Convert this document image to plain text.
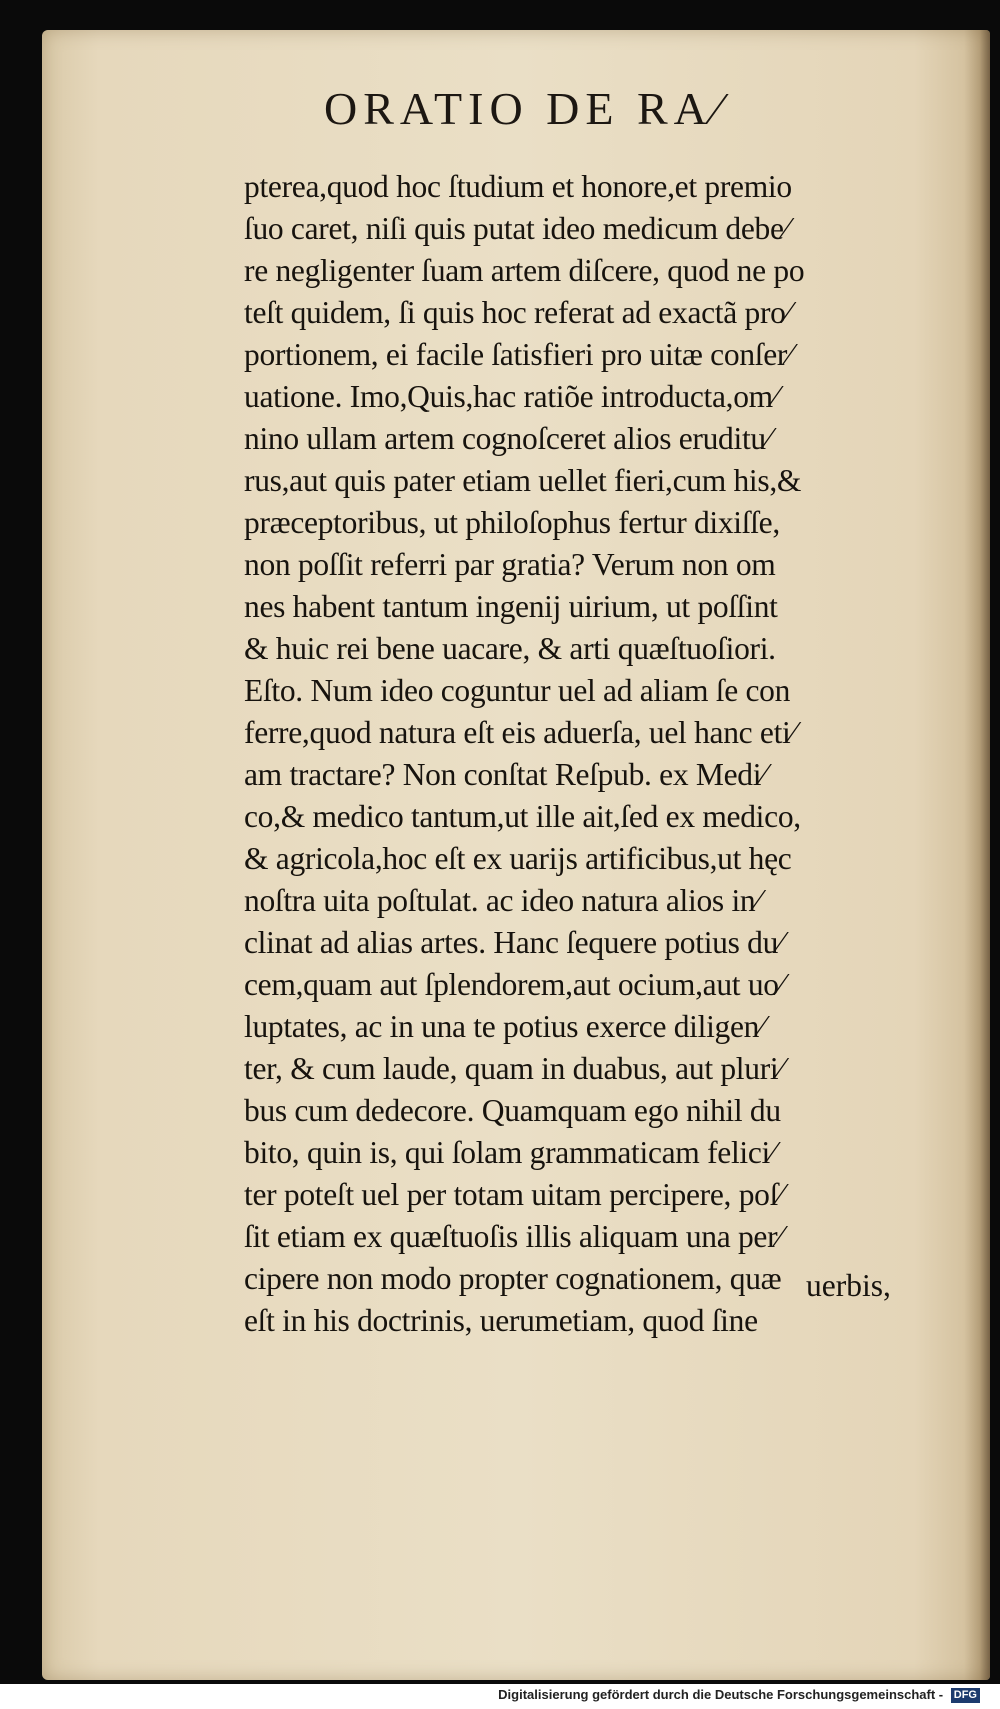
ORATIO DE RA⁄
pterea,quod hoc ſtudium et honore,et premio
ſuo caret, niſi quis putat ideo medicum debe⁄
re negligenter ſuam artem diſcere, quod ne po
teſt quidem, ſi quis hoc referat ad exactã pro⁄
portionem, ei facile ſatisfieri pro uitæ conſer⁄
uatione. Imo,Quis,hac ratiõe introducta,om⁄
nino ullam artem cognoſceret alios eruditu⁄
rus,aut quis pater etiam uellet fieri,cum his,&
præceptoribus, ut philoſophus fertur dixiſſe,
non poſſit referri par gratia? Verum non om
nes habent tantum ingenij uirium, ut poſſint
& huic rei bene uacare, & arti quæſtuoſiori.
Eſto. Num ideo coguntur uel ad aliam ſe con
ferre,quod natura eſt eis aduerſa, uel hanc eti⁄
am tractare? Non conſtat Reſpub. ex Medi⁄
co,& medico tantum,ut ille ait,ſed ex medico,
& agricola,hoc eſt ex uarijs artificibus,ut hęc
noſtra uita poſtulat. ac ideo natura alios in⁄
clinat ad alias artes. Hanc ſequere potius du⁄
cem,quam aut ſplendorem,aut ocium,aut uo⁄
luptates, ac in una te potius exerce diligen⁄
ter, & cum laude, quam in duabus, aut pluri⁄
bus cum dedecore. Quamquam ego nihil du
bito, quin is, qui ſolam grammaticam felici⁄
ter poteſt uel per totam uitam percipere, poſ⁄
ſit etiam ex quæſtuoſis illis aliquam una per⁄
cipere non modo propter cognationem, quæ
eſt in his doctrinis, uerumetiam, quod ſine
uerbis,
Digitalisierung gefördert durch die Deutsche Forschungsgemeinschaft - DFG
